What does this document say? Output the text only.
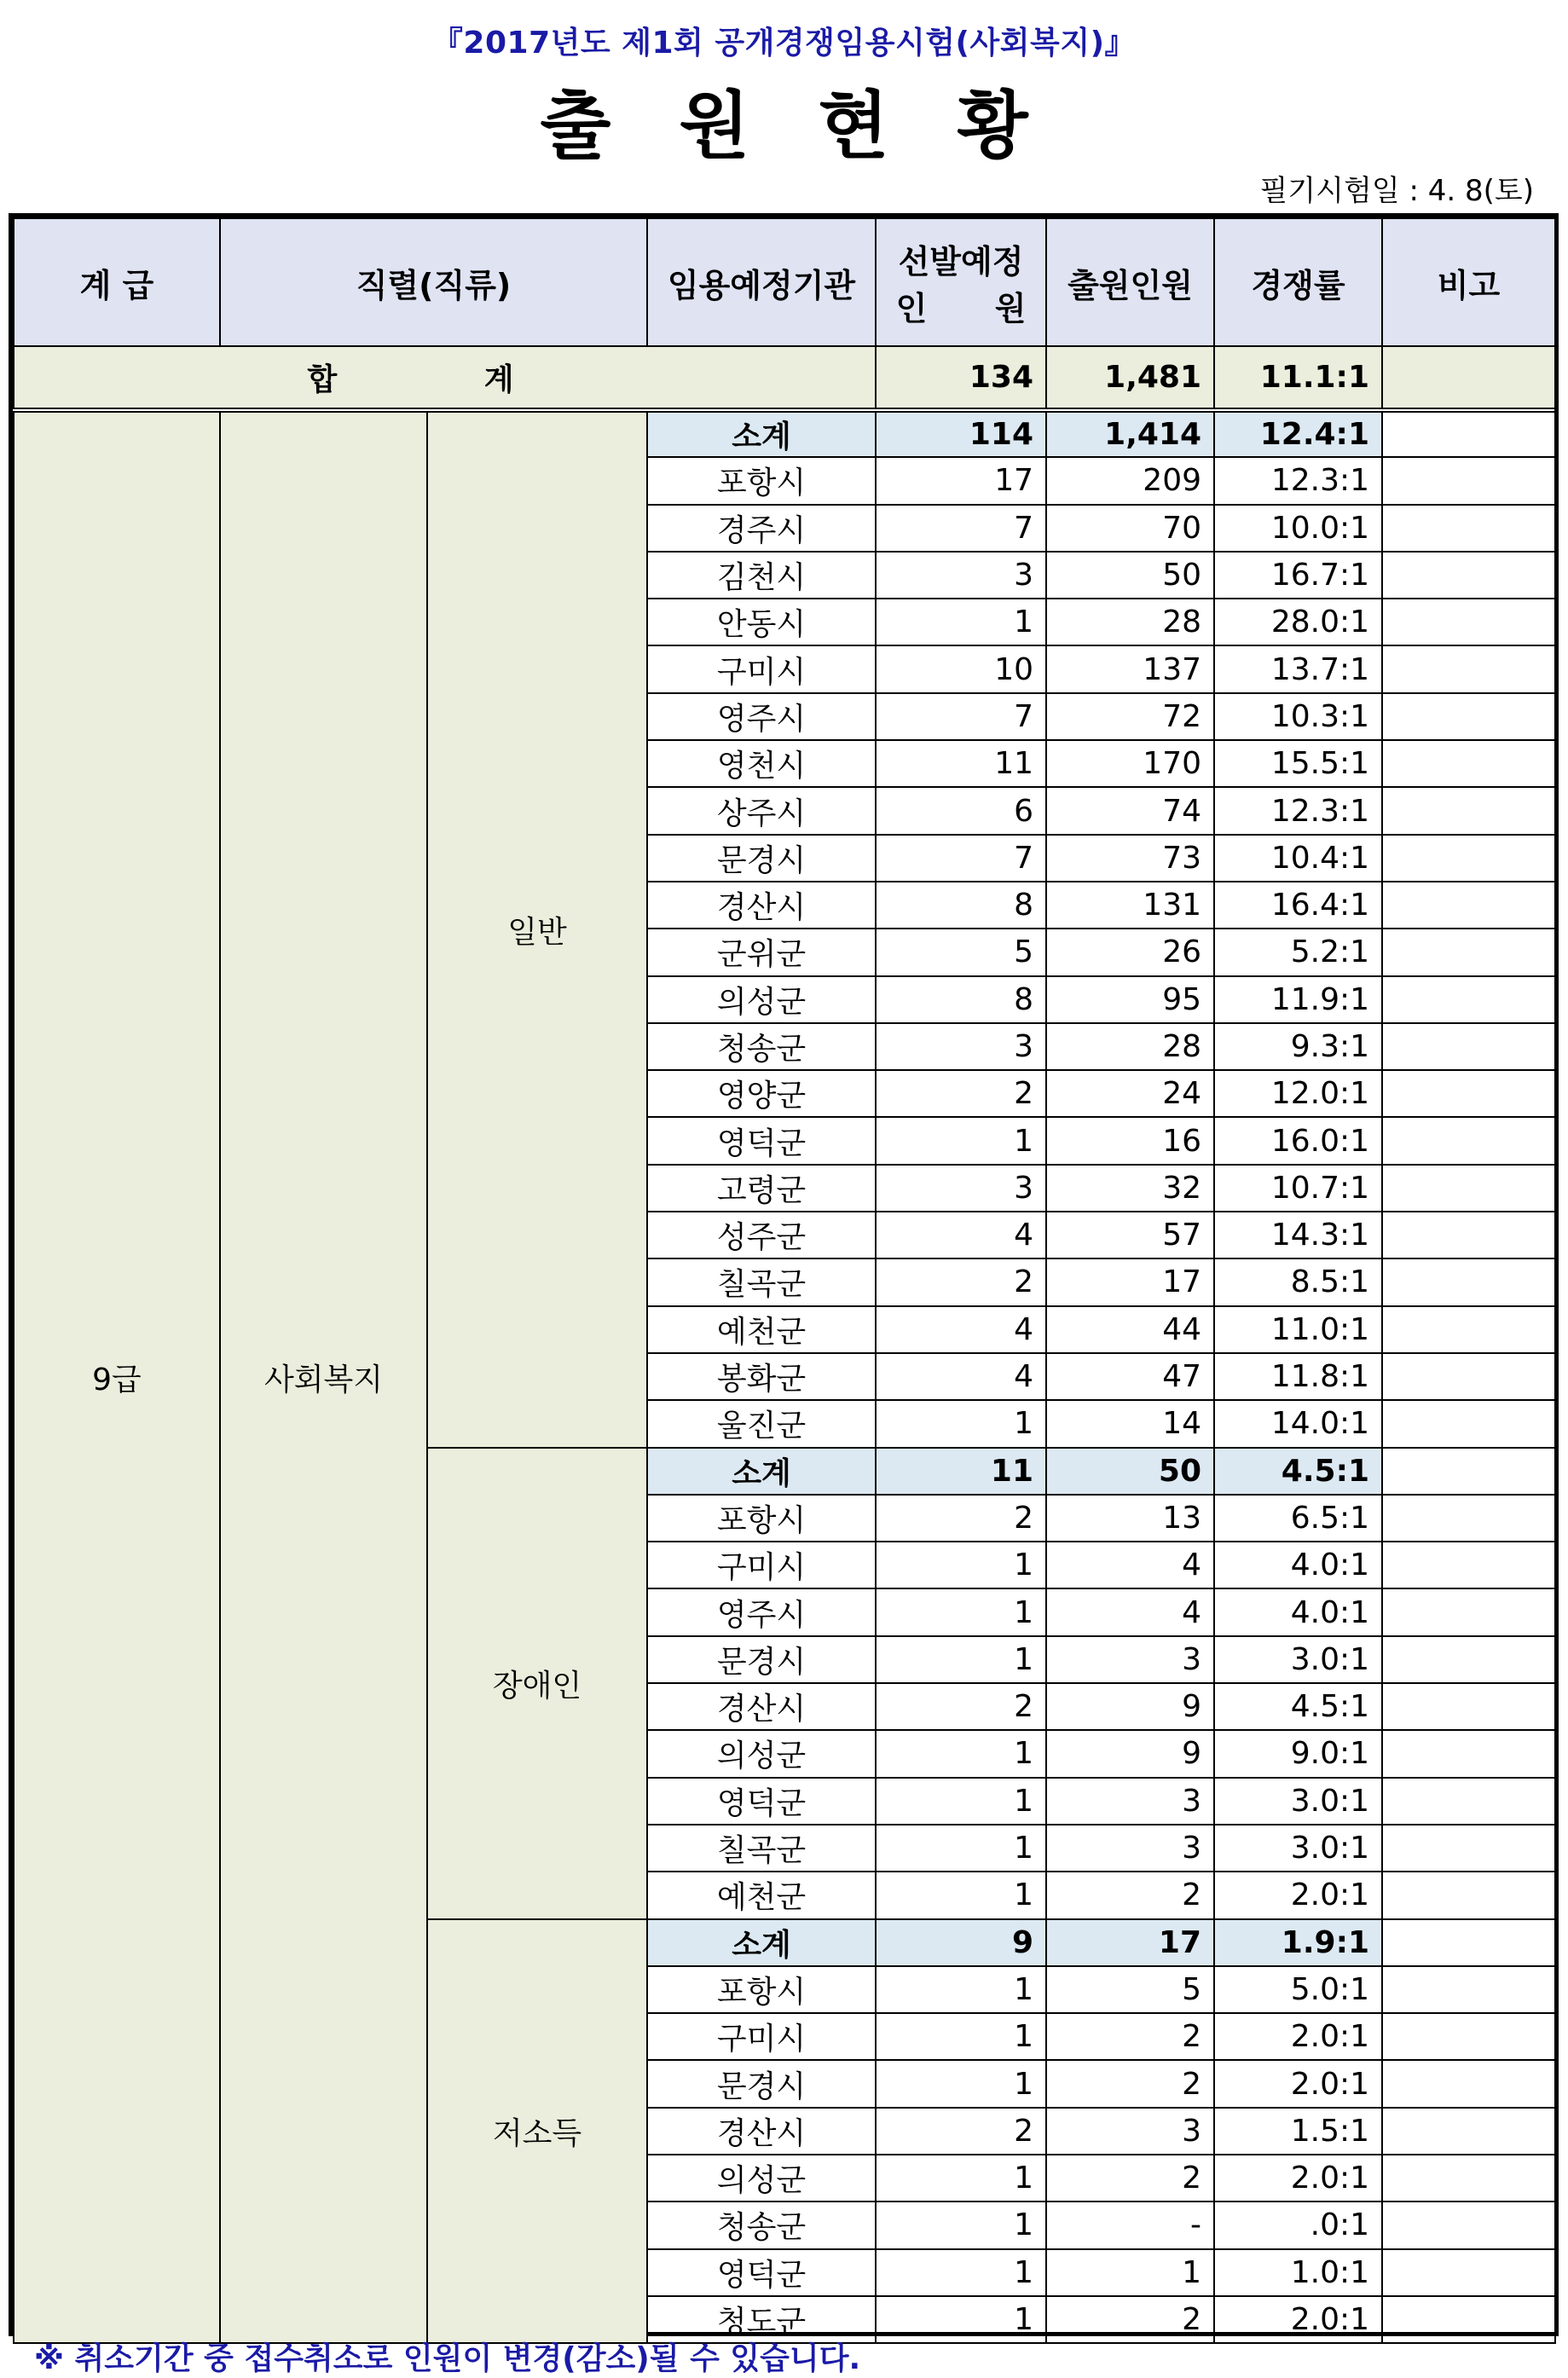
『2017년도 제1회 공개경쟁임용시험(사회복지)』
출원현황
필기시험일 : 4. 8(토)
계 급	직렬(직류)		임용예정기관	선발예정
인      원	출원인원	경쟁률	비고
합 계				134	1,481	11.1:1	
9급	사회복지	일반	소계	114	1,414	12.4:1	
			포항시	17	209	12.3:1	
			경주시	7	70	10.0:1	
			김천시	3	50	16.7:1	
			안동시	1	28	28.0:1	
			구미시	10	137	13.7:1	
			영주시	7	72	10.3:1	
			영천시	11	170	15.5:1	
			상주시	6	74	12.3:1	
			문경시	7	73	10.4:1	
			경산시	8	131	16.4:1	
			군위군	5	26	5.2:1	
			의성군	8	95	11.9:1	
			청송군	3	28	9.3:1	
			영양군	2	24	12.0:1	
			영덕군	1	16	16.0:1	
			고령군	3	32	10.7:1	
			성주군	4	57	14.3:1	
			칠곡군	2	17	8.5:1	
			예천군	4	44	11.0:1	
			봉화군	4	47	11.8:1	
			울진군	1	14	14.0:1	
		장애인	소계	11	50	4.5:1	
			포항시	2	13	6.5:1	
			구미시	1	4	4.0:1	
			영주시	1	4	4.0:1	
			문경시	1	3	3.0:1	
			경산시	2	9	4.5:1	
			의성군	1	9	9.0:1	
			영덕군	1	3	3.0:1	
			칠곡군	1	3	3.0:1	
			예천군	1	2	2.0:1	
		저소득	소계	9	17	1.9:1	
			포항시	1	5	5.0:1	
			구미시	1	2	2.0:1	
			문경시	1	2	2.0:1	
			경산시	2	3	1.5:1	
			의성군	1	2	2.0:1	
			청송군	1	-	.0:1	
			영덕군	1	1	1.0:1	
			청도군	1	2	2.0:1	
※ 취소기간 중 접수취소로 인원이 변경(감소)될 수 있습니다.
